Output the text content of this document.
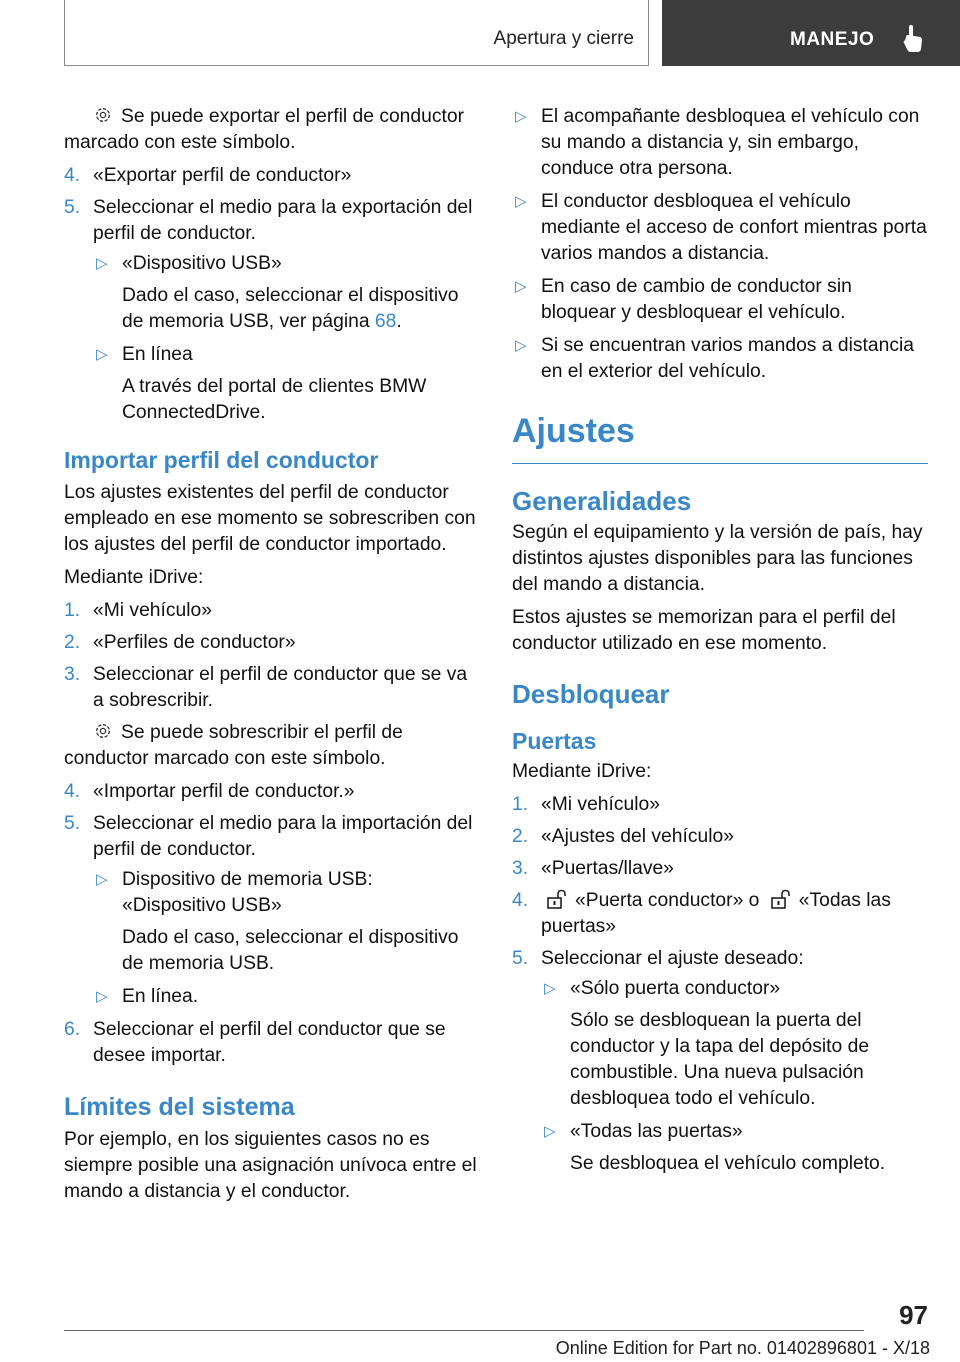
Apertura y cierre	MANEJO

Se puede exportar el perfil de conductor marcado con este símbolo.

4. «Exportar perfil de conductor»
5. Seleccionar el medio para la exportación del perfil de conductor.
▷ «Dispositivo USB»
Dado el caso, seleccionar el dispositivo de memoria USB, ver página 68.
▷ En línea
A través del portal de clientes BMW ConnectedDrive.
Importar perfil del conductor

Los ajustes existentes del perfil de conductor empleado en ese momento se sobrescriben con los ajustes del perfil de conductor importado.

Mediante iDrive:

1. «Mi vehículo»
2. «Perfiles de conductor»
3. Seleccionar el perfil de conductor que se va a sobrescribir.

Se puede sobrescribir el perfil de conductor marcado con este símbolo.

4. «Importar perfil de conductor.»
5. Seleccionar el medio para la importación del perfil de conductor.
▷ Dispositivo de memoria USB: «Dispositivo USB»
Dado el caso, seleccionar el dispositivo de memoria USB.
▷ En línea.
6. Seleccionar el perfil del conductor que se desee importar.
Límites del sistema

Por ejemplo, en los siguientes casos no es siempre posible una asignación unívoca entre el mando a distancia y el conductor.

▷ El acompañante desbloquea el vehículo con su mando a distancia y, sin embargo, conduce otra persona.
▷ El conductor desbloquea el vehículo mediante el acceso de confort mientras porta varios mandos a distancia.
▷ En caso de cambio de conductor sin bloquear y desbloquear el vehículo.
▷ Si se encuentran varios mandos a distancia en el exterior del vehículo.
Ajustes
Generalidades

Según el equipamiento y la versión de país, hay distintos ajustes disponibles para las funciones del mando a distancia.

Estos ajustes se memorizan para el perfil del conductor utilizado en ese momento.

Desbloquear
Puertas

Mediante iDrive:

1. «Mi vehículo»
2. «Ajustes del vehículo»
3. «Puertas/llave»
4. «Puerta conductor» o «Todas las puertas»
5. Seleccionar el ajuste deseado:
▷ «Sólo puerta conductor»
Sólo se desbloquean la puerta del conductor y la tapa del depósito de combustible. Una nueva pulsación desbloquea todo el vehículo.
▷ «Todas las puertas»
Se desbloquea el vehículo completo.
97
Online Edition for Part no. 01402896801 - X/18
